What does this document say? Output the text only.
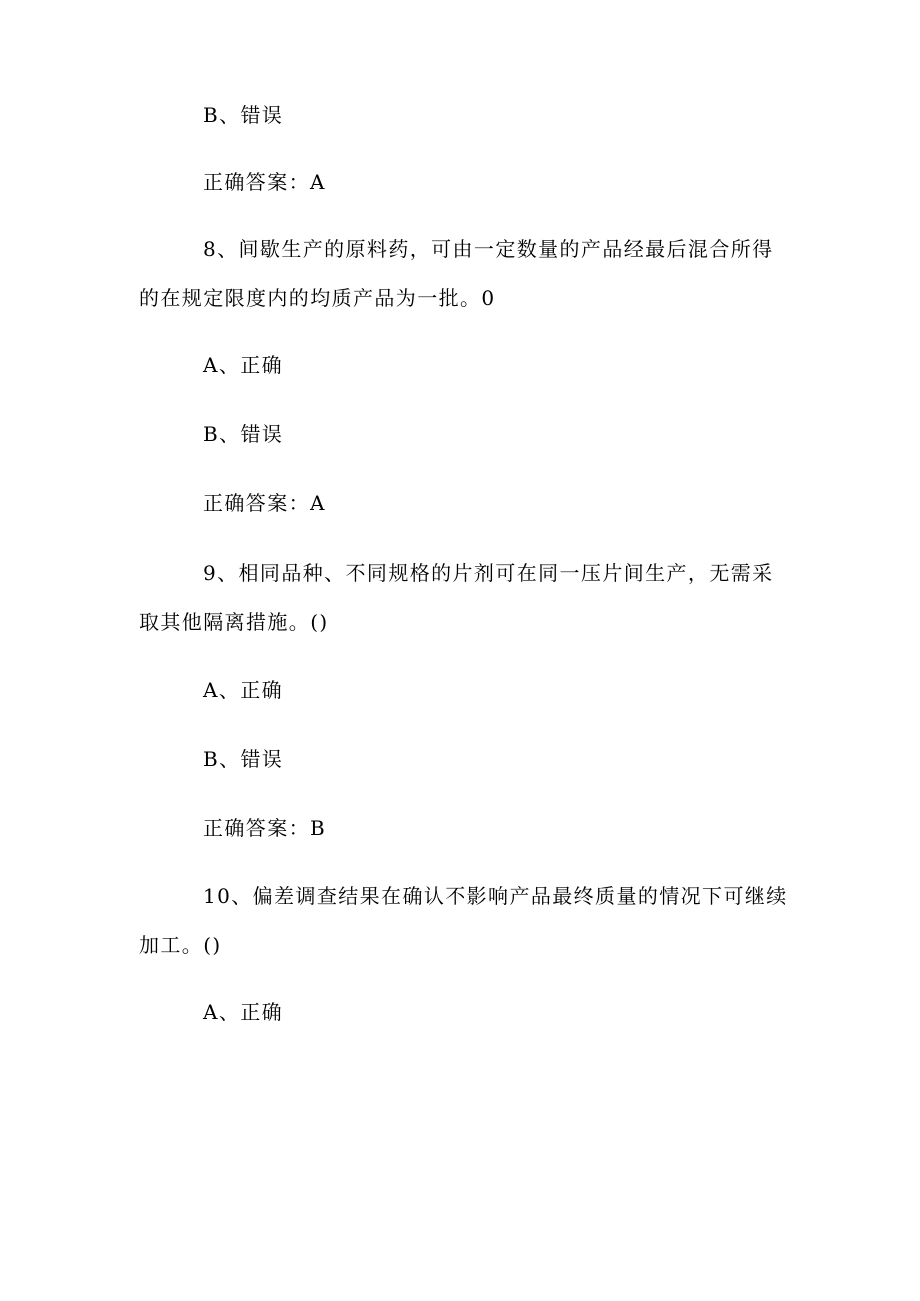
B、错误
正确答案：A
8、间歇生产的原料药，可由一定数量的产品经最后混合所得
的在规定限度内的均质产品为一批。0
A、正确
B、错误
正确答案：A
9、相同品种、不同规格的片剂可在同一压片间生产，无需采
取其他隔离措施。()
A、正确
B、错误
正确答案：B
10、偏差调查结果在确认不影响产品最终质量的情况下可继续
加工。()
A、正确
